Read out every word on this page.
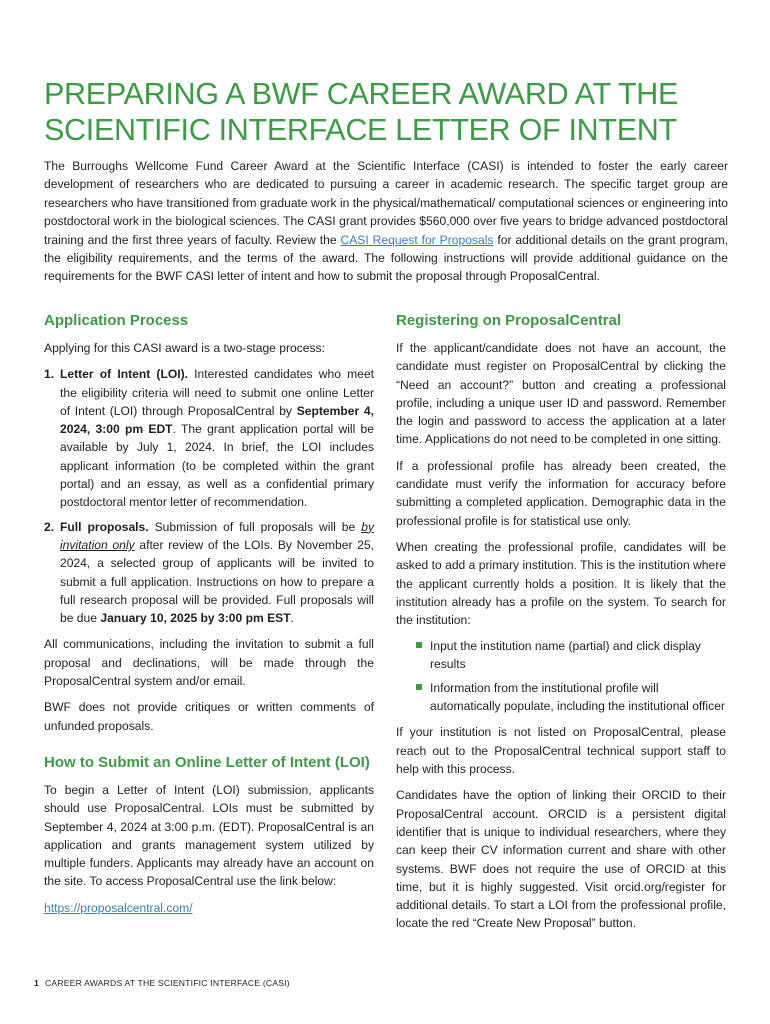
PREPARING A BWF CAREER AWARD AT THE
SCIENTIFIC INTERFACE LETTER OF INTENT

The Burroughs Wellcome Fund Career Award at the Scientific Interface (CASI) is intended to foster the early career development of researchers who are dedicated to pursuing a career in academic research. The specific target group are researchers who have transitioned from graduate work in the physical/mathematical/ computational sciences or engineering into postdoctoral work in the biological sciences. The CASI grant provides $560,000 over five years to bridge advanced postdoctoral training and the first three years of faculty. Review the CASI Request for Proposals for additional details on the grant program, the eligibility requirements, and the terms of the award. The following instructions will provide additional guidance on the requirements for the BWF CASI letter of intent and how to submit the proposal through ProposalCentral.

Application Process

Applying for this CASI award is a two-stage process:

1. Letter of Intent (LOI). Interested candidates who meet the eligibility criteria will need to submit one online Letter of Intent (LOI) through ProposalCentral by September 4, 2024, 3:00 pm EDT. The grant application portal will be available by July 1, 2024. In brief, the LOI includes applicant information (to be completed within the grant portal) and an essay, as well as a confidential primary postdoctoral mentor letter of recommendation.
2. Full proposals. Submission of full proposals will be by invitation only after review of the LOIs. By November 25, 2024, a selected group of applicants will be invited to submit a full application. Instructions on how to prepare a full research proposal will be provided. Full proposals will be due January 10, 2025 by 3:00 pm EST.

All communications, including the invitation to submit a full proposal and declinations, will be made through the ProposalCentral system and/or email.

BWF does not provide critiques or written comments of unfunded proposals.

How to Submit an Online Letter of Intent (LOI)

To begin a Letter of Intent (LOI) submission, applicants should use ProposalCentral. LOIs must be submitted by September 4, 2024 at 3:00 p.m. (EDT). ProposalCentral is an application and grants management system utilized by multiple funders. Applicants may already have an account on the site. To access ProposalCentral use the link below:

https://proposalcentral.com/

Registering on ProposalCentral

If the applicant/candidate does not have an account, the candidate must register on ProposalCentral by clicking the “Need an account?” button and creating a professional profile, including a unique user ID and password. Remember the login and password to access the application at a later time. Applications do not need to be completed in one sitting.

If a professional profile has already been created, the candidate must verify the information for accuracy before submitting a completed application. Demographic data in the professional profile is for statistical use only.

When creating the professional profile, candidates will be asked to add a primary institution. This is the institution where the applicant currently holds a position. It is likely that the institution already has a profile on the system. To search for the institution:

Input the institution name (partial) and click display results
Information from the institutional profile will automatically populate, including the institutional officer

If your institution is not listed on ProposalCentral, please reach out to the ProposalCentral technical support staff to help with this process.

Candidates have the option of linking their ORCID to their ProposalCentral account. ORCID is a persistent digital identifier that is unique to individual researchers, where they can keep their CV information current and share with other systems. BWF does not require the use of ORCID at this time, but it is highly suggested. Visit orcid.org/register for additional details. To start a LOI from the professional profile, locate the red “Create New Proposal” button.

1 CAREER AWARDS AT THE SCIENTIFIC INTERFACE (CASI)
